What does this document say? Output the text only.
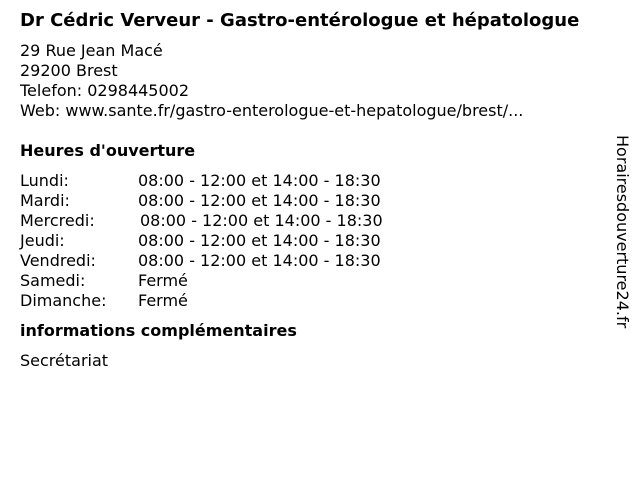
Dr Cédric Verveur - Gastro-entérologue et hépatologue
29 Rue Jean Macé
29200 Brest
Telefon: 0298445002
Web: www.sante.fr/gastro-enterologue-et-hepatologue/brest/...
Heures d'ouverture
Lundi:	08:00 - 12:00 et 14:00 - 18:30
Mardi:	08:00 - 12:00 et 14:00 - 18:30
Mercredi:	08:00 - 12:00 et 14:00 - 18:30
Jeudi:	08:00 - 12:00 et 14:00 - 18:30
Vendredi:	08:00 - 12:00 et 14:00 - 18:30
Samedi:	Fermé
Dimanche:	Fermé
informations complémentaires
Secrétariat
Horairesdouverture24.fr
